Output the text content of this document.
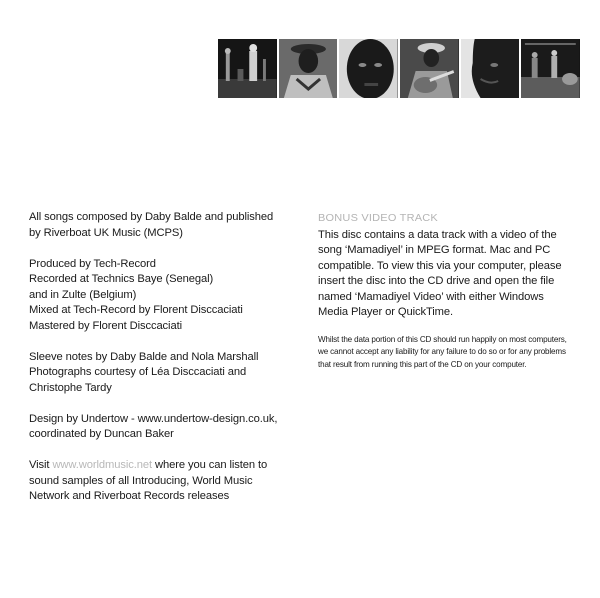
All songs composed by Daby Balde and published
by Riverboat UK Music (MCPS)

Produced by Tech-Record
Recorded at Technics Baye (Senegal)
and in Zulte (Belgium)
Mixed at Tech-Record by Florent Disccaciati
Mastered by Florent Disccaciati

Sleeve notes by Daby Balde and Nola Marshall
Photographs courtesy of Léa Disccaciati and
Christophe Tardy

Design by Undertow - www.undertow-design.co.uk,
coordinated by Duncan Baker

Visit www.worldmusic.net where you can listen to
sound samples of all Introducing, World Music
Network and Riverboat Records releases

BONUS VIDEO TRACK

This disc contains a data track with a video of the
song ‘Mamadiyel’ in MPEG format. Mac and PC
compatible. To view this via your computer, please
insert the disc into the CD drive and open the file
named ‘Mamadiyel Video’ with either Windows
Media Player or QuickTime.

Whilst the data portion of this CD should run happily on most computers,
we cannot accept any liability for any failure to do so or for any problems
that result from running this part of the CD on your computer.
